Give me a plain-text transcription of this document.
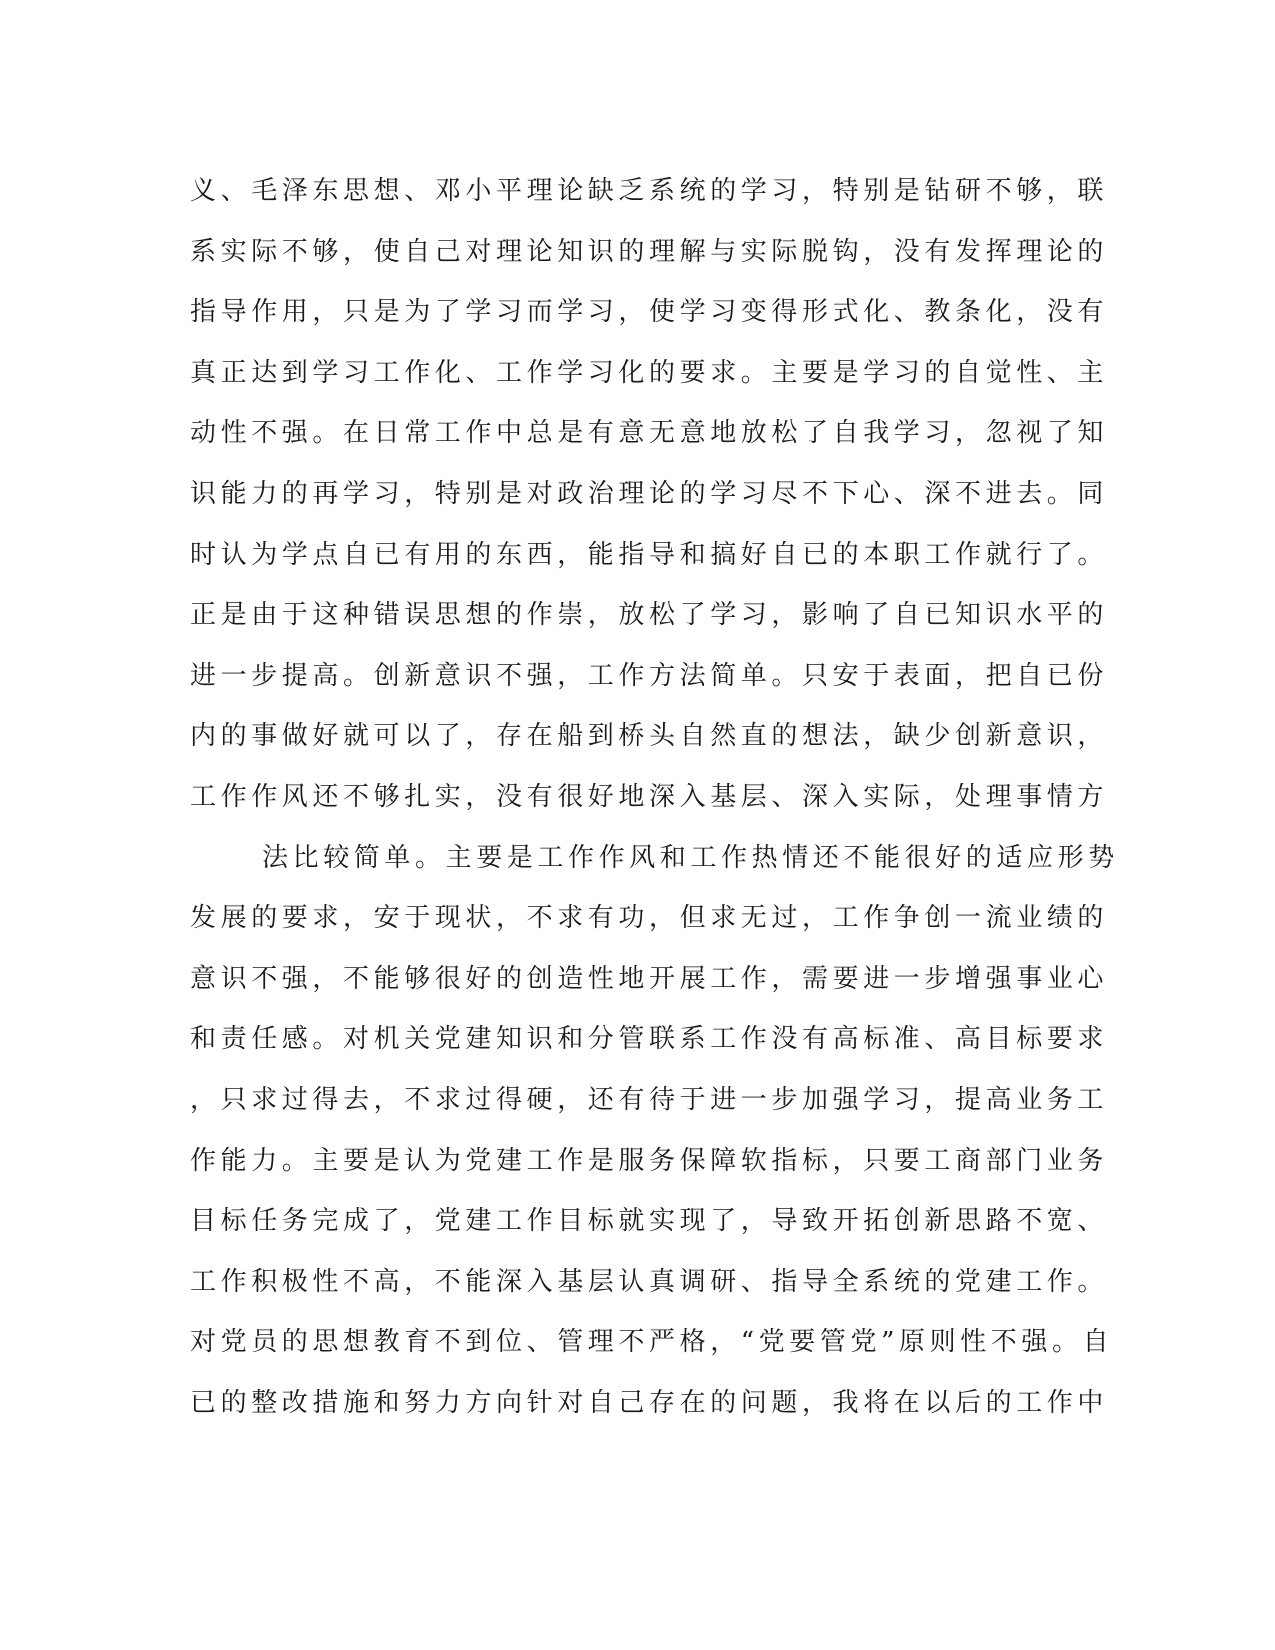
义、毛泽东思想、邓小平理论缺乏系统的学习，特别是钻研不够，联
系实际不够，使自己对理论知识的理解与实际脱钩，没有发挥理论的
指导作用，只是为了学习而学习，使学习变得形式化、教条化，没有
真正达到学习工作化、工作学习化的要求。主要是学习的自觉性、主
动性不强。在日常工作中总是有意无意地放松了自我学习，忽视了知
识能力的再学习，特别是对政治理论的学习尽不下心、深不进去。同
时认为学点自已有用的东西，能指导和搞好自已的本职工作就行了。
正是由于这种错误思想的作崇，放松了学习，影响了自已知识水平的
进一步提高。创新意识不强，工作方法简单。只安于表面，把自已份
内的事做好就可以了，存在船到桥头自然直的想法，缺少创新意识，
工作作风还不够扎实，没有很好地深入基层、深入实际，处理事情方
法比较简单。主要是工作作风和工作热情还不能很好的适应形势
发展的要求，安于现状，不求有功，但求无过，工作争创一流业绩的
意识不强，不能够很好的创造性地开展工作，需要进一步增强事业心
和责任感。对机关党建知识和分管联系工作没有高标准、高目标要求
，只求过得去，不求过得硬，还有待于进一步加强学习，提高业务工
作能力。主要是认为党建工作是服务保障软指标，只要工商部门业务
目标任务完成了，党建工作目标就实现了，导致开拓创新思路不宽、
工作积极性不高，不能深入基层认真调研、指导全系统的党建工作。
对党员的思想教育不到位、管理不严格，“党要管党”原则性不强。自
已的整改措施和努力方向针对自己存在的问题，我将在以后的工作中
